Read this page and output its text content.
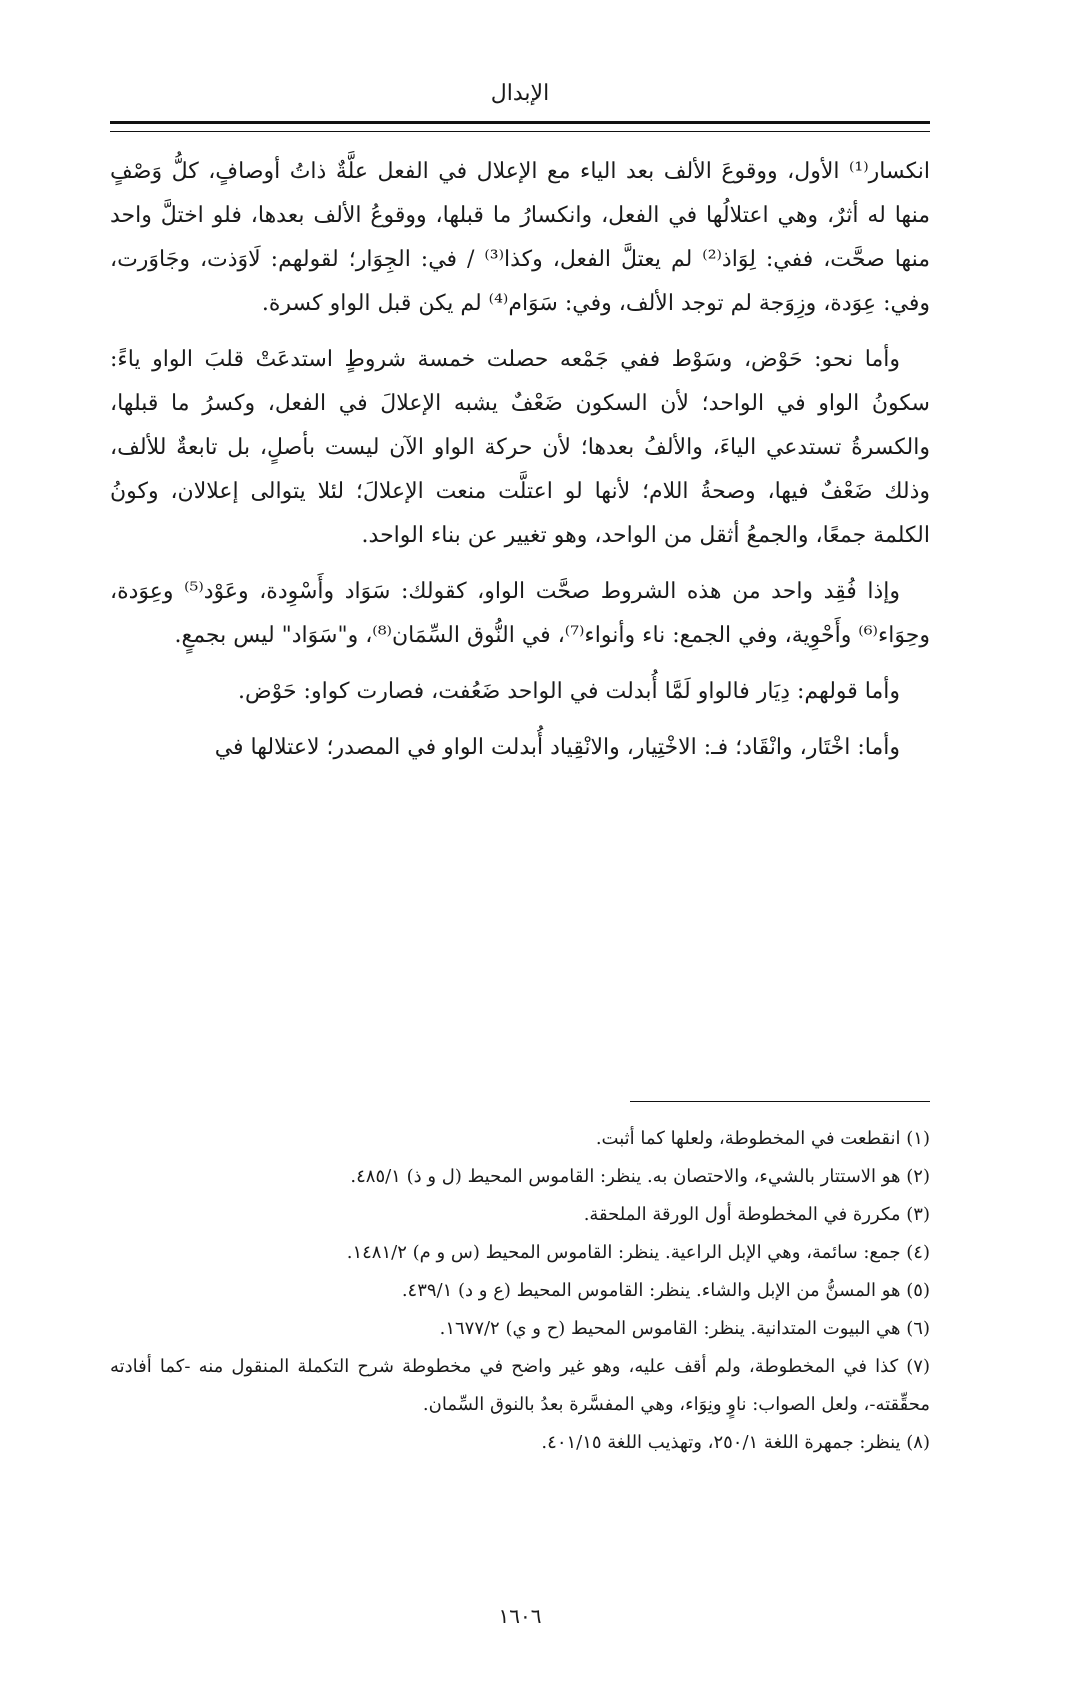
الإبدال

انكسار⁽¹⁾ الأول، ووقوعَ الألف بعد الياء مع الإعلال في الفعل علَّةٌ ذاتُ أوصافٍ، كلُّ وَصْفٍ منها له أثرٌ، وهي اعتلالُها في الفعل، وانكسارُ ما قبلها، ووقوعُ الألف بعدها، فلو اختلَّ واحد منها صحَّت، ففي: لِوَاذ⁽²⁾ لم يعتلَّ الفعل، وكذا⁽³⁾ / في: الجِوَار؛ لقولهم: لَاوَذت، وجَاوَرت، وفي: عِوَدة، وزِوَجة لم توجد الألف، وفي: سَوَام⁽⁴⁾ لم يكن قبل الواو كسرة.

وأما نحو: حَوْض، وسَوْط ففي جَمْعه حصلت خمسة شروطٍ استدعَتْ قلبَ الواو ياءً: سكونُ الواو في الواحد؛ لأن السكون ضَعْفٌ يشبه الإعلالَ في الفعل، وكسرُ ما قبلها، والكسرةُ تستدعي الياءَ، والألفُ بعدها؛ لأن حركة الواو الآن ليست بأصلٍ، بل تابعةٌ للألف، وذلك ضَعْفٌ فيها، وصحةُ اللام؛ لأنها لو اعتلَّت منعت الإعلالَ؛ لئلا يتوالى إعلالان، وكونُ الكلمة جمعًا، والجمعُ أثقل من الواحد، وهو تغيير عن بناء الواحد.

وإذا فُقِد واحد من هذه الشروط صحَّت الواو، كقولك: سَوَاد وأَسْوِدة، وعَوْد⁽⁵⁾ وعِوَدة، وحِوَاء⁽⁶⁾ وأَحْوِية، وفي الجمع: ناء وأنواء⁽⁷⁾، في النُّوق السِّمَان⁽⁸⁾، و"سَوَاد" ليس بجمعٍ.

وأما قولهم: دِيَار فالواو لَمَّا أُبدلت في الواحد ضَعُفت، فصارت كواو: حَوْض.

وأما: اخْتَار، وانْقَاد؛ فـ: الاخْتِيار، والانْقِياد أُبدلت الواو في المصدر؛ لاعتلالها في

(١) انقطعت في المخطوطة، ولعلها كما أثبت.

(٢) هو الاستتار بالشيء، والاحتصان به. ينظر: القاموس المحيط (ل و ذ) ٤٨٥/١.

(٣) مكررة في المخطوطة أول الورقة الملحقة.

(٤) جمع: سائمة، وهي الإبل الراعية. ينظر: القاموس المحيط (س و م) ١٤٨١/٢.

(٥) هو المسنُّ من الإبل والشاء. ينظر: القاموس المحيط (ع و د) ٤٣٩/١.

(٦) هي البيوت المتدانية. ينظر: القاموس المحيط (ح و ي) ١٦٧٧/٢.

(٧) كذا في المخطوطة، ولم أقف عليه، وهو غير واضح في مخطوطة شرح التكملة المنقول منه -كما أفادته محقِّقته-، ولعل الصواب: ناوٍ ونِوَاء، وهي المفسَّرة بعدُ بالنوق السِّمان.

(٨) ينظر: جمهرة اللغة ٢٥٠/١، وتهذيب اللغة ٤٠١/١٥.

١٦٠٦
